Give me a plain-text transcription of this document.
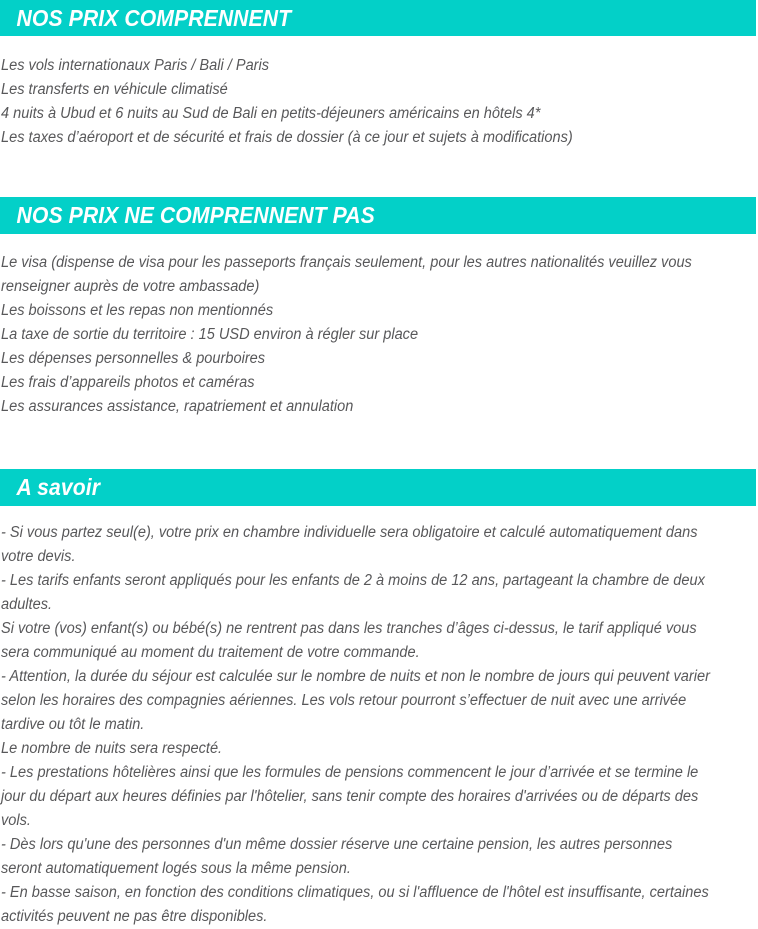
NOS PRIX COMPRENNENT

Les vols internationaux Paris / Bali / Paris

Les transferts en véhicule climatisé

4 nuits à Ubud et 6 nuits au Sud de Bali en petits-déjeuners américains en hôtels 4*

Les taxes d’aéroport et de sécurité et frais de dossier (à ce jour et sujets à modifications)

NOS PRIX NE COMPRENNENT PAS

Le visa (dispense de visa pour les passeports français seulement, pour les autres nationalités veuillez vous renseigner auprès de votre ambassade)

Les boissons et les repas non mentionnés

La taxe de sortie du territoire : 15 USD environ à régler sur place

Les dépenses personnelles & pourboires

Les frais d’appareils photos et caméras

Les assurances assistance, rapatriement et annulation

A savoir

- Si vous partez seul(e), votre prix en chambre individuelle sera obligatoire et calculé automatiquement dans votre devis.

- Les tarifs enfants seront appliqués pour les enfants de 2 à moins de 12 ans, partageant la chambre de deux adultes.

Si votre (vos) enfant(s) ou bébé(s) ne rentrent pas dans les tranches d’âges ci-dessus, le tarif appliqué vous sera communiqué au moment du traitement de votre commande.

- Attention, la durée du séjour est calculée sur le nombre de nuits et non le nombre de jours qui peuvent varier selon les horaires des compagnies aériennes. Les vols retour pourront s’effectuer de nuit avec une arrivée tardive ou tôt le matin.

Le nombre de nuits sera respecté.

- Les prestations hôtelières ainsi que les formules de pensions commencent le jour d’arrivée et se termine le jour du départ aux heures définies par l'hôtelier, sans tenir compte des horaires d'arrivées ou de départs des vols.

- Dès lors qu'une des personnes d'un même dossier réserve une certaine pension, les autres personnes seront automatiquement logés sous la même pension.

- En basse saison, en fonction des conditions climatiques, ou si l'affluence de l'hôtel est insuffisante, certaines activités peuvent ne pas être disponibles.
